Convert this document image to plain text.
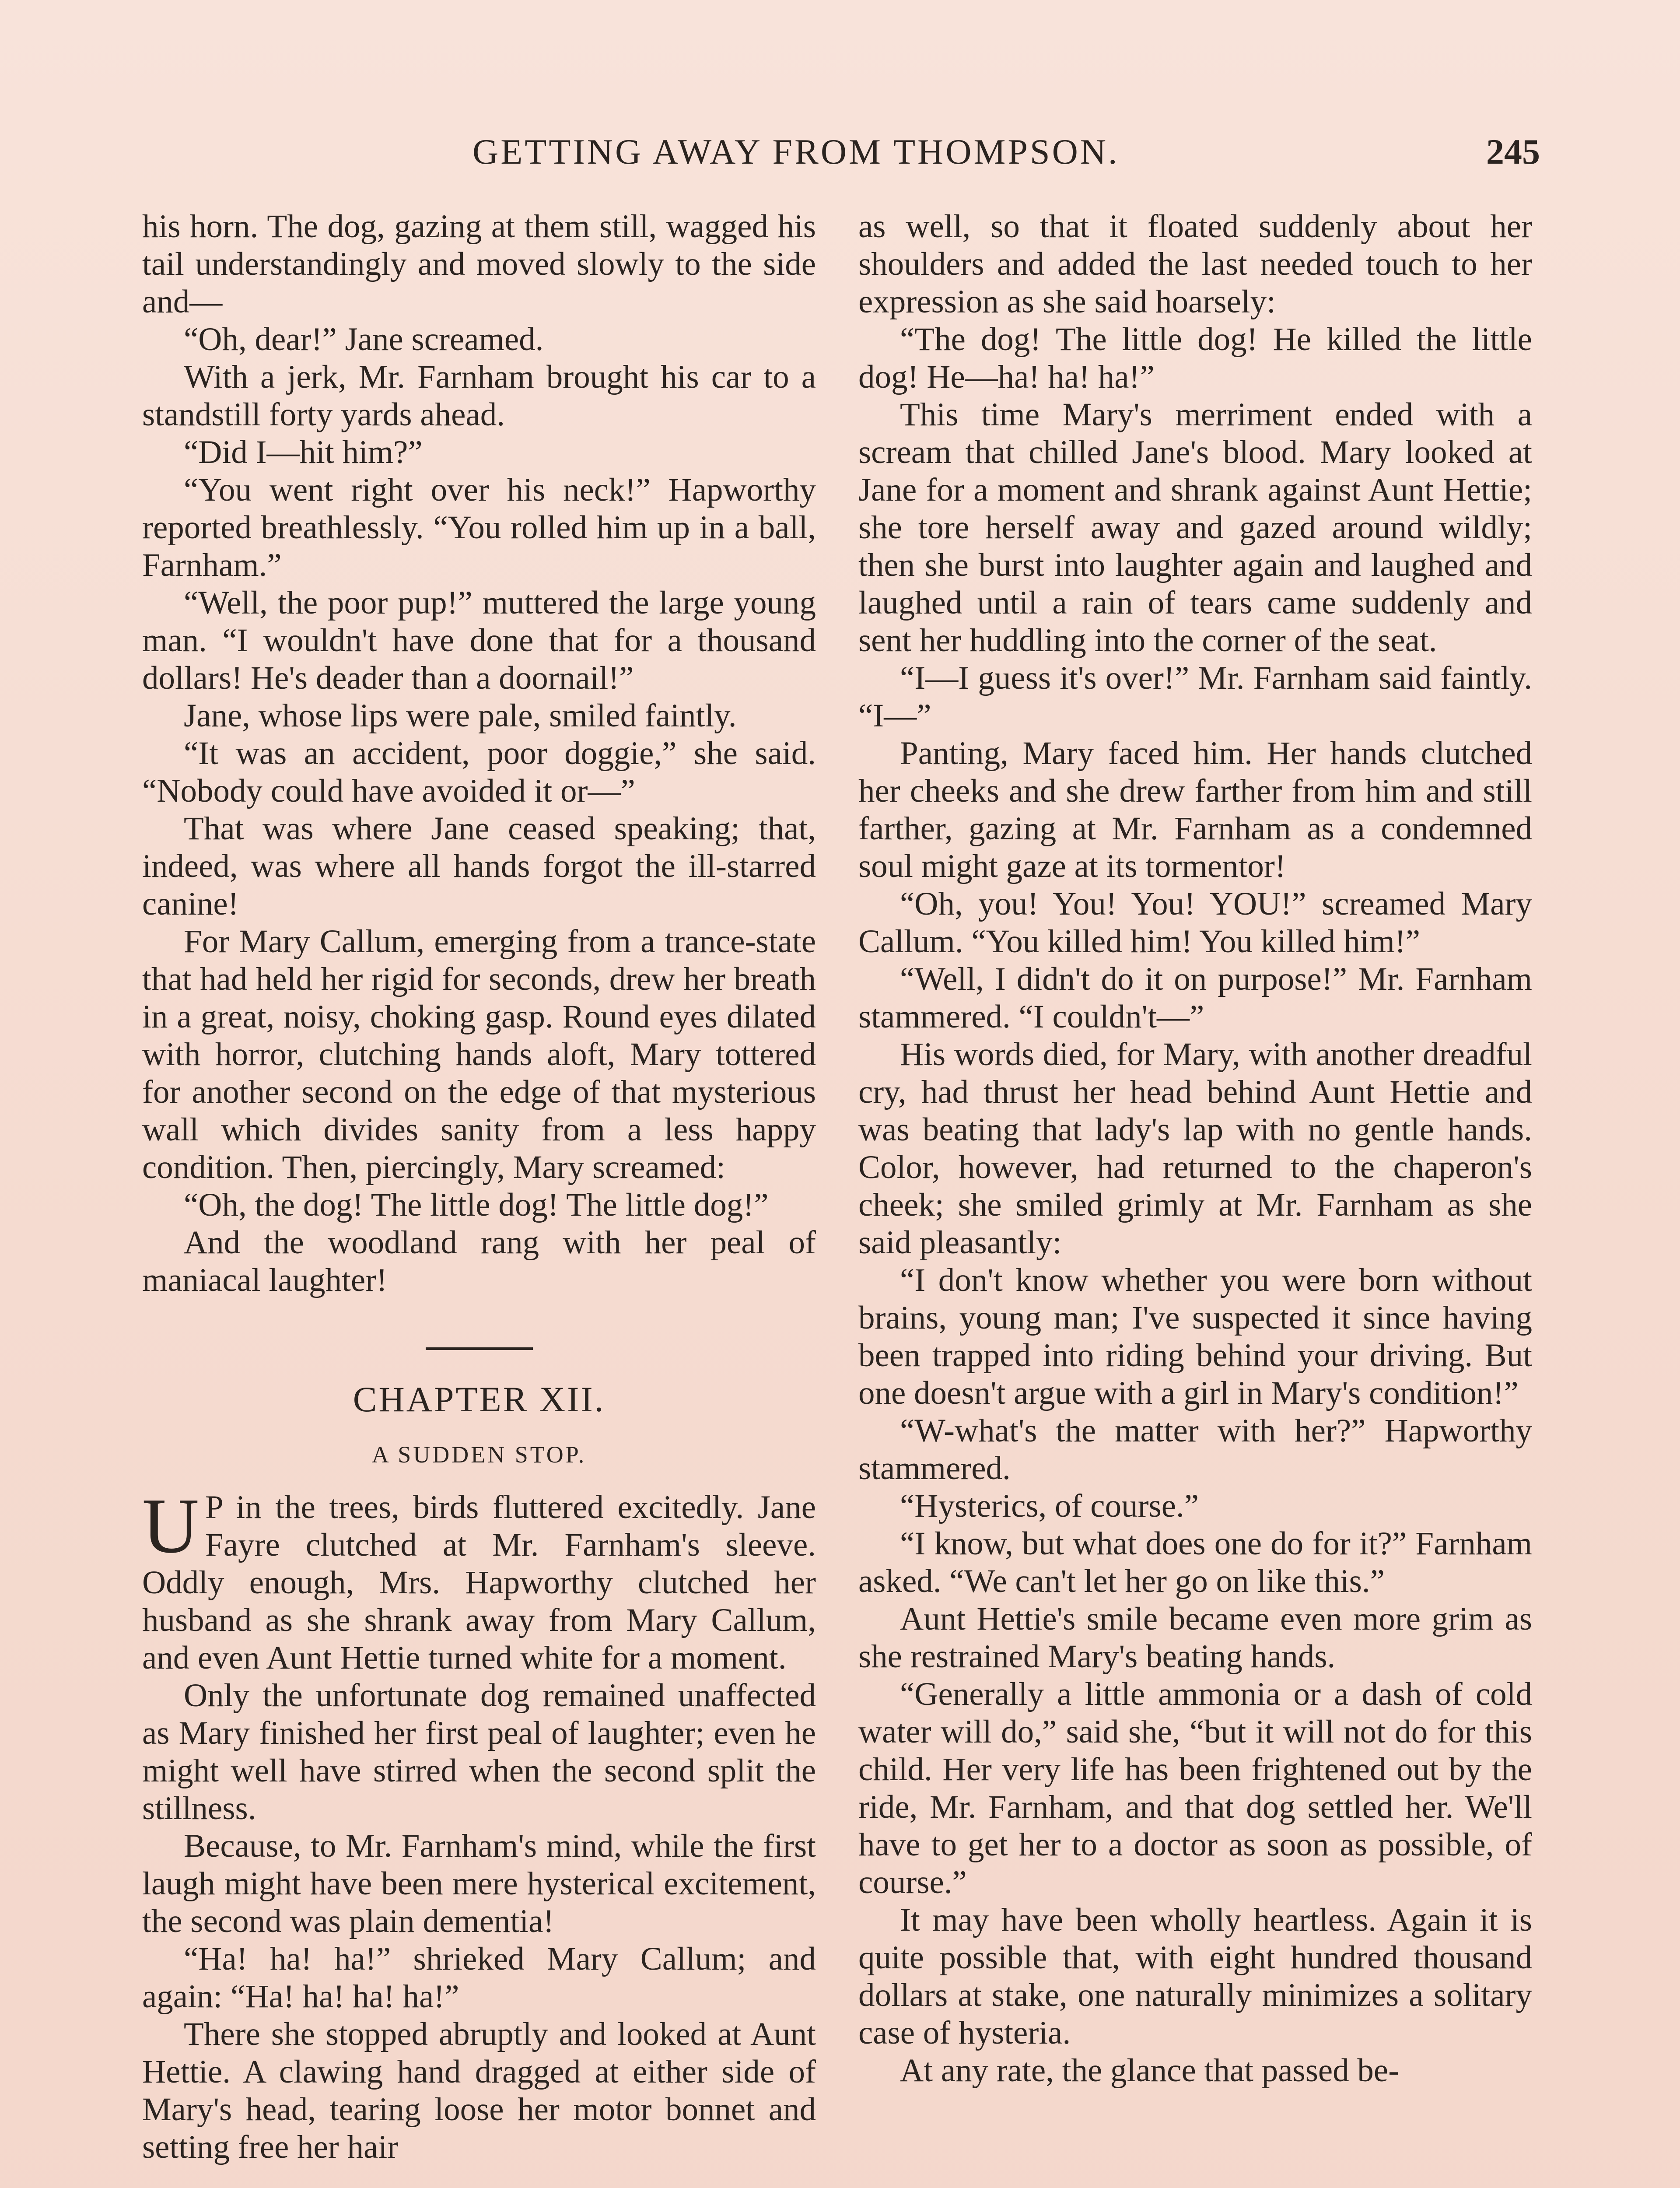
GETTING AWAY FROM THOMPSON.	245

his horn. The dog, gazing at them still, wagged his tail understandingly and moved slowly to the side and—

“Oh, dear!” Jane screamed.

With a jerk, Mr. Farnham brought his car to a standstill forty yards ahead.

“Did I—hit him?”

“You went right over his neck!” Hapworthy reported breathlessly. “You rolled him up in a ball, Farnham.”

“Well, the poor pup!” muttered the large young man. “I wouldn't have done that for a thousand dollars! He's deader than a doornail!”

Jane, whose lips were pale, smiled faintly.

“It was an accident, poor doggie,” she said. “Nobody could have avoided it or—”

That was where Jane ceased speaking; that, indeed, was where all hands forgot the ill-starred canine!

For Mary Callum, emerging from a trance-state that had held her rigid for seconds, drew her breath in a great, noisy, choking gasp. Round eyes dilated with horror, clutching hands aloft, Mary tottered for another second on the edge of that mysterious wall which divides sanity from a less happy condition. Then, piercingly, Mary screamed:

“Oh, the dog! The little dog! The little dog!”

And the woodland rang with her peal of maniacal laughter!

CHAPTER XII.

A SUDDEN STOP.

U P in the trees, birds fluttered excitedly. Jane Fayre clutched at Mr. Farnham's sleeve. Oddly enough, Mrs. Hapworthy clutched her husband as she shrank away from Mary Callum, and even Aunt Hettie turned white for a moment.

Only the unfortunate dog remained unaffected as Mary finished her first peal of laughter; even he might well have stirred when the second split the stillness.

Because, to Mr. Farnham's mind, while the first laugh might have been mere hysterical excitement, the second was plain dementia!

“Ha! ha! ha!” shrieked Mary Callum; and again: “Ha! ha! ha! ha!”

There she stopped abruptly and looked at Aunt Hettie. A clawing hand dragged at either side of Mary's head, tearing loose her motor bonnet and setting free her hair

as well, so that it floated suddenly about her shoulders and added the last needed touch to her expression as she said hoarsely:

“The dog! The little dog! He killed the little dog! He—ha! ha! ha!”

This time Mary's merriment ended with a scream that chilled Jane's blood. Mary looked at Jane for a moment and shrank against Aunt Hettie; she tore herself away and gazed around wildly; then she burst into laughter again and laughed and laughed until a rain of tears came suddenly and sent her huddling into the corner of the seat.

“I—I guess it's over!” Mr. Farnham said faintly. “I—”

Panting, Mary faced him. Her hands clutched her cheeks and she drew farther from him and still farther, gazing at Mr. Farnham as a condemned soul might gaze at its tormentor!

“Oh, you! You! You! YOU!” screamed Mary Callum. “You killed him! You killed him!”

“Well, I didn't do it on purpose!” Mr. Farnham stammered. “I couldn't—”

His words died, for Mary, with another dreadful cry, had thrust her head behind Aunt Hettie and was beating that lady's lap with no gentle hands. Color, however, had returned to the chaperon's cheek; she smiled grimly at Mr. Farnham as she said pleasantly:

“I don't know whether you were born without brains, young man; I've suspected it since having been trapped into riding behind your driving. But one doesn't argue with a girl in Mary's condition!”

“W-what's the matter with her?” Hapworthy stammered.

“Hysterics, of course.”

“I know, but what does one do for it?” Farnham asked. “We can't let her go on like this.”

Aunt Hettie's smile became even more grim as she restrained Mary's beating hands.

“Generally a little ammonia or a dash of cold water will do,” said she, “but it will not do for this child. Her very life has been frightened out by the ride, Mr. Farnham, and that dog settled her. We'll have to get her to a doctor as soon as possible, of course.”

It may have been wholly heartless. Again it is quite possible that, with eight hundred thousand dollars at stake, one naturally minimizes a solitary case of hysteria.

At any rate, the glance that passed be-
